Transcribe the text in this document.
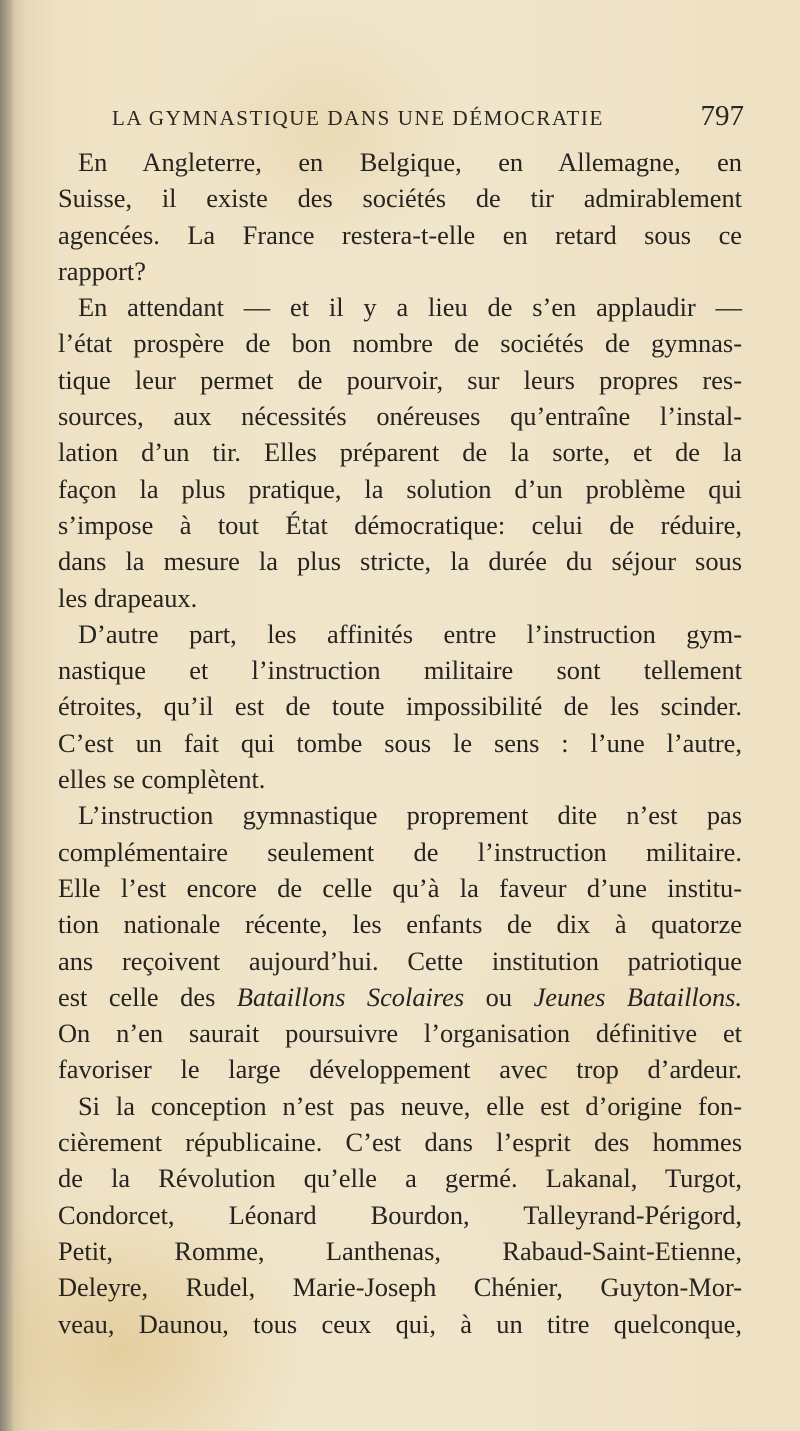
LA GYMNASTIQUE DANS UNE DÉMOCRATIE	797
En Angleterre, en Belgique, en Allemagne, en
Suisse, il existe des sociétés de tir admirablement
agencées. La France restera-t-elle en retard sous ce
rapport?
En attendant — et il y a lieu de s’en applaudir —
l’état prospère de bon nombre de sociétés de gymnas-
tique leur permet de pourvoir, sur leurs propres res-
sources, aux nécessités onéreuses qu’entraîne l’instal-
lation d’un tir. Elles préparent de la sorte, et de la
façon la plus pratique, la solution d’un problème qui
s’impose à tout État démocratique: celui de réduire,
dans la mesure la plus stricte, la durée du séjour sous
les drapeaux.
D’autre part, les affinités entre l’instruction gym-
nastique et l’instruction militaire sont tellement
étroites, qu’il est de toute impossibilité de les scinder.
C’est un fait qui tombe sous le sens : l’une l’autre,
elles se complètent.
L’instruction gymnastique proprement dite n’est pas
complémentaire seulement de l’instruction militaire.
Elle l’est encore de celle qu’à la faveur d’une institu-
tion nationale récente, les enfants de dix à quatorze
ans reçoivent aujourd’hui. Cette institution patriotique
est celle des Bataillons Scolaires ou Jeunes Bataillons.
On n’en saurait poursuivre l’organisation définitive et
favoriser le large développement avec trop d’ardeur.
Si la conception n’est pas neuve, elle est d’origine fon-
cièrement républicaine. C’est dans l’esprit des hommes
de la Révolution qu’elle a germé. Lakanal, Turgot,
Condorcet, Léonard Bourdon, Talleyrand-Périgord,
Petit, Romme, Lanthenas, Rabaud-Saint-Etienne,
Deleyre, Rudel, Marie-Joseph Chénier, Guyton-Mor-
veau, Daunou, tous ceux qui, à un titre quelconque,
